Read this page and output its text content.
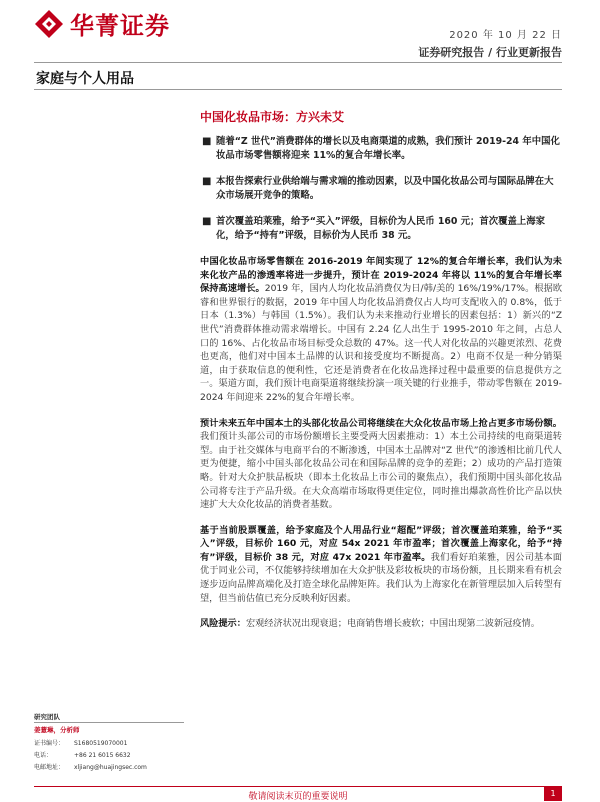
华菁证券	2020 年 10 月 22 日
证券研究报告 / 行业更新报告
家庭与个人用品
中国化妆品市场：方兴未艾
■ 随着“Z 世代”消费群体的增长以及电商渠道的成熟，我们预计 2019-24 年中国化妆品市场零售额将迎来 11%的复合年增长率。
■ 本报告探索行业供给端与需求端的推动因素，以及中国化妆品公司与国际品牌在大众市场展开竞争的策略。
■ 首次覆盖珀莱雅，给予“买入”评级，目标价为人民币 160 元；首次覆盖上海家化，给予“持有”评级，目标价为人民币 38 元。

中国化妆品市场零售额在 2016-2019 年间实现了 12%的复合年增长率，我们认为未来化妆产品的渗透率将进一步提升，预计在 2019-2024 年将以 11%的复合年增长率保持高速增长。2019 年，国内人均化妆品消费仅为日/韩/美的 16%/19%/17%。根据欧睿和世界银行的数据，2019 年中国人均化妆品消费仅占人均可支配收入的 0.8%，低于日本（1.3%）与韩国（1.5%）。我们认为未来推动行业增长的因素包括：1）新兴的“Z 世代”消费群体推动需求端增长。中国有 2.24 亿人出生于 1995-2010 年之间，占总人口的 16%、占化妆品市场目标受众总数的 47%。这一代人对化妆品的兴趣更浓烈、花费也更高，他们对中国本土品牌的认识和接受度均不断提高。2）电商不仅是一种分销渠道，由于获取信息的便利性，它还是消费者在化妆品选择过程中最重要的信息提供方之一。渠道方面，我们预计电商渠道将继续扮演一项关键的行业推手，带动零售额在 2019-2024 年间迎来 22%的复合年增长率。

预计未来五年中国本土的头部化妆品公司将继续在大众化妆品市场上抢占更多市场份额。我们预计头部公司的市场份额增长主要受两大因素推动：1）本土公司持续的电商渠道转型。由于社交媒体与电商平台的不断渗透，中国本土品牌对“Z 世代”的渗透相比前几代人更为便捷，缩小中国头部化妆品公司在和国际品牌的竞争的差距；2）成功的产品打造策略。针对大众护肤品板块（即本土化妆品上市公司的聚焦点），我们预期中国头部化妆品公司将专注于产品升级。在大众高端市场取得更佳定位，同时推出爆款高性价比产品以快速扩大大众化妆品的消费者基数。

基于当前股票覆盖，给予家庭及个人用品行业“超配”评级；首次覆盖珀莱雅，给予“买入”评级，目标价 160 元，对应 54x 2021 年市盈率；首次覆盖上海家化，给予“持有”评级，目标价 38 元，对应 47x 2021 年市盈率。我们看好珀莱雅，因公司基本面优于同业公司，不仅能够持续增加在大众护肤及彩妆板块的市场份额，且长期来看有机会逐步迈向品牌高端化及打造全球化品牌矩阵。我们认为上海家化在新管理层加入后转型有望，但当前估值已充分反映利好因素。

风险提示：宏观经济状况出现衰退；电商销售增长疲软；中国出现第二波新冠疫情。

研究团队
姜薏琳，分析师
证书编号： S1680519070001
电话：	+86 21 6015 6632
电邮地址： xljiang@huajingsec.com
敬请阅读末页的重要说明	1
